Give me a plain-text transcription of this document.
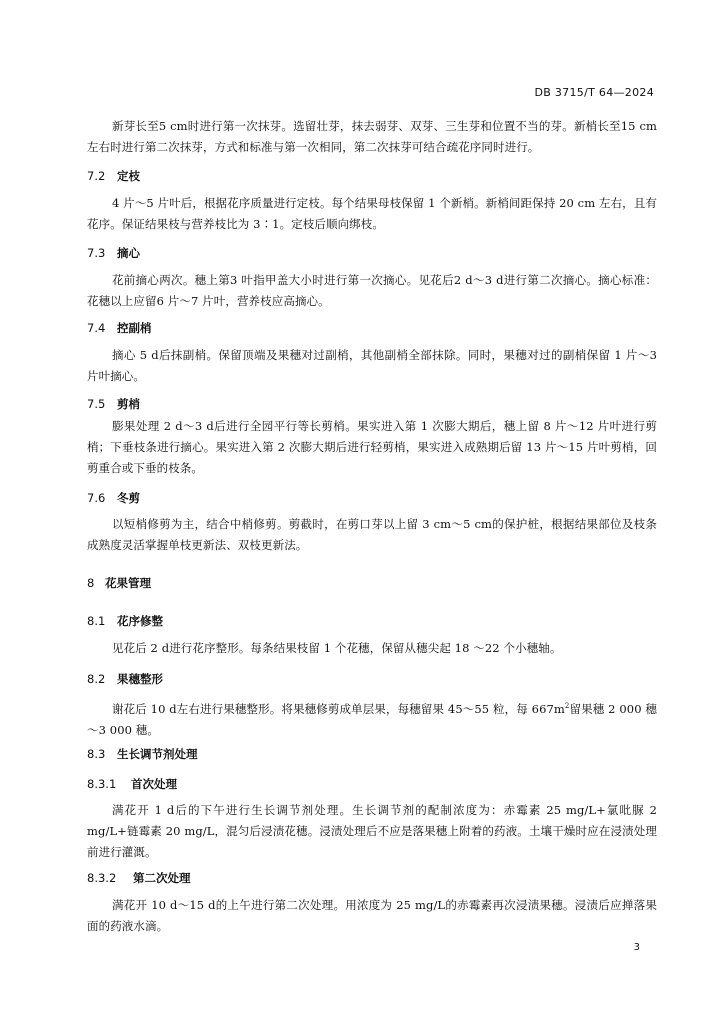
DB 3715/T 64—2024
新芽长至5 cm时进行第一次抹芽。选留壮芽，抹去弱芽、双芽、三生芽和位置不当的芽。新梢长至15 cm左右时进行第二次抹芽，方式和标准与第一次相同，第二次抹芽可结合疏花序同时进行。
7.2 定枝
4 片～5 片叶后，根据花序质量进行定枝。每个结果母枝保留 1 个新梢。新梢间距保持 20 cm 左右，且有花序。保证结果枝与营养枝比为 3∶1。定枝后顺向绑枝。
7.3 摘心
花前摘心两次。穗上第3 叶指甲盖大小时进行第一次摘心。见花后2 d～3 d进行第二次摘心。摘心标准：花穗以上应留6 片～7 片叶，营养枝应高摘心。
7.4 控副梢
摘心 5 d后抹副梢。保留顶端及果穗对过副梢，其他副梢全部抹除。同时，果穗对过的副梢保留 1 片～3 片叶摘心。
7.5 剪梢
膨果处理 2 d～3 d后进行全园平行等长剪梢。果实进入第 1 次膨大期后，穗上留 8 片～12 片叶进行剪梢；下垂枝条进行摘心。果实进入第 2 次膨大期后进行轻剪梢，果实进入成熟期后留 13 片～15 片叶剪梢，回剪重合或下垂的枝条。
7.6 冬剪
以短梢修剪为主，结合中梢修剪。剪截时，在剪口芽以上留 3 cm～5 cm的保护桩，根据结果部位及枝条成熟度灵活掌握单枝更新法、双枝更新法。
8 花果管理
8.1 花序修整
见花后 2 d进行花序整形。每条结果枝留 1 个花穗，保留从穗尖起 18 ～22 个小穗轴。
8.2 果穗整形
谢花后 10 d左右进行果穗整形。将果穗修剪成单层果，每穗留果 45～55 粒，每 $667m^2$留果穗 2 000 穗～3 000 穗。
8.3 生长调节剂处理
8.3.1 首次处理
满花开 1 d后的下午进行生长调节剂处理。生长调节剂的配制浓度为：赤霉素 25 mg/L+氯吡脲 2 mg/L+链霉素 20 mg/L，混匀后浸渍花穗。浸渍处理后不应是落果穗上附着的药液。土壤干燥时应在浸渍处理前进行灌溉。
8.3.2 第二次处理
满花开 10 d～15 d的上午进行第二次处理。用浓度为 25 mg/L的赤霉素再次浸渍果穗。浸渍后应掸落果面的药液水滴。
3
